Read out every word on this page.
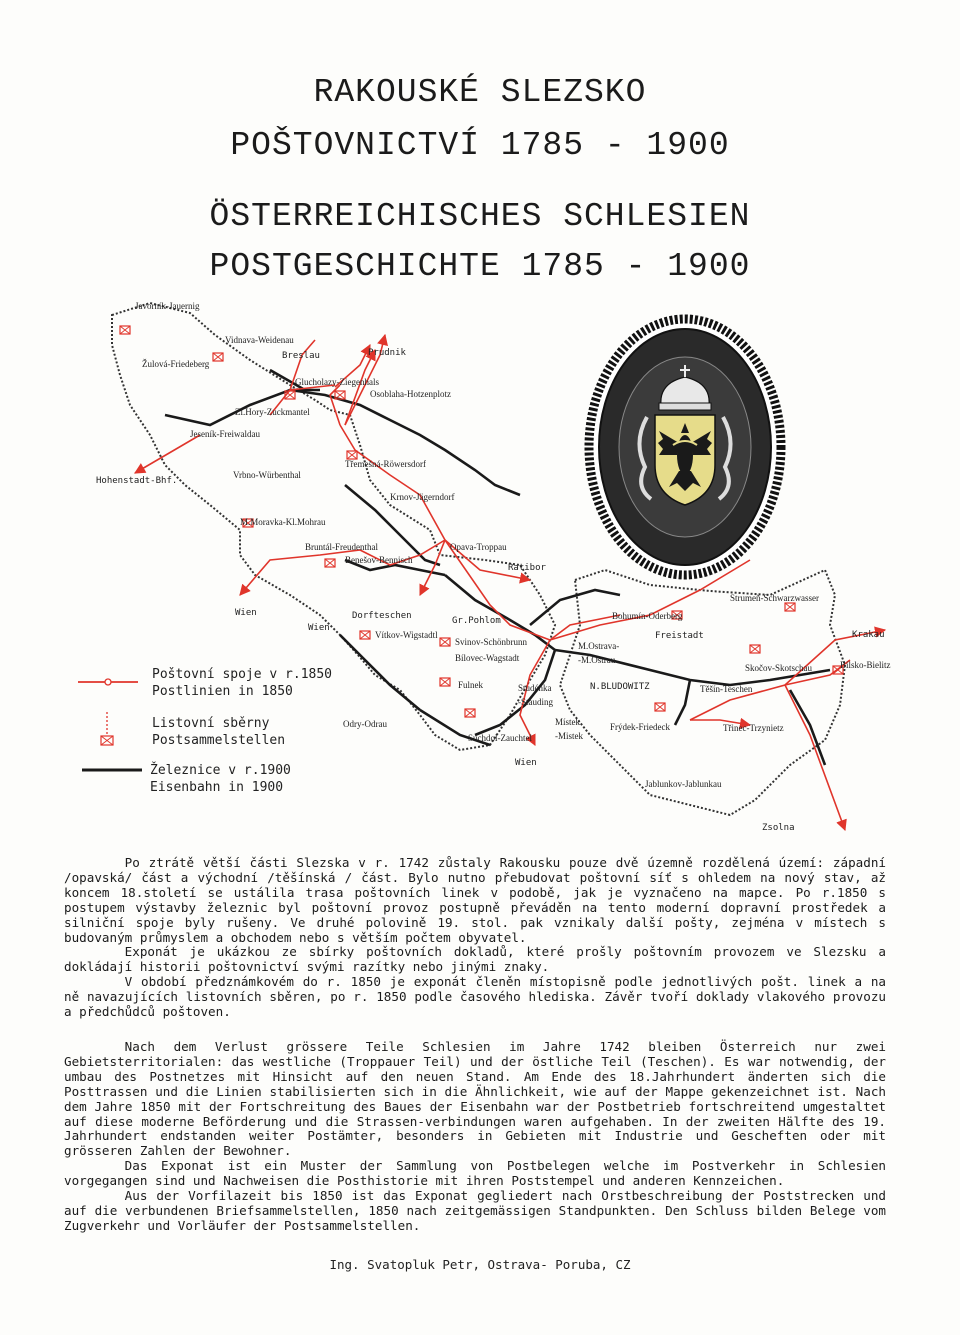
RAKOUSKÉ SLEZSKO
POŠTOVNICTVÍ 1785 - 1900
ÖSTERREICHISCHES SCHLESIEN
POSTGESCHICHTE 1785 - 1900
Javorník-Jauernig
Vidnava-Weidenau
Žulová-Friedeberg
Breslau	Prudnik
Glucholazy-Ziegenhals
Osoblaha-Hotzenplotz
Zl.Hory-Zuckmantel
Jeseník-Freiwaldau
Hohenstadt-Bhf.
Vrbno-Würbenthal
Třemešná-Röwersdorf
Krnov-Jägerndorf
M.Moravka-Kl.Mohrau
Bruntál-Freudenthal
Benešov-Bennisch
Opava-Troppau
Ratibor
Wien
Wien
Dorfteschen
Vítkov-Wigstadtl
Gr.Pohlom
Svinov-Schönbrunn
Bílovec-Wagstadt
Fulnek	Studénka
-Stauding
Odry-Odrau
Suchdol-Zauchtel
Wien
Bohumín-Oderberg
Strumeň-Schwarzwasser
Krakau
Bilsko-Bielitz
Freistadt
M.Ostrava-
-M.Ostrau
N.BLUDOWITZ
Skočov-Skotschau
Těšín-Teschen
Místek
-Mistek
Frýdek-Friedeck	Třinec-Trzynietz
Jablunkov-Jablunkau
Zsolna
Poštovní spoje v r.1850
Postlinien in 1850
Listovní sběrny
Postsammelstellen
Železnice v r.1900
Eisenbahn in 1900

Po ztrátě větší části Slezska v r. 1742 zůstaly Rakousku pouze dvě územně rozdělená území: západní /opavská/ část a východní /těšínská / část. Bylo nutno přebudovat poštovní síť s ohledem na nový stav, až koncem 18.století se ustálila trasa poštovních linek v podobě, jak je vyznačeno na mapce. Po r.1850 s postupem výstavby železnic byl poštovní provoz postupně převáděn na tento moderní dopravní prostředek a silniční spoje byly rušeny. Ve druhé polovině 19. stol. pak vznikaly další pošty, zejména v místech s budovaným průmyslem a obchodem nebo s větším počtem obyvatel.

Exponát je ukázkou ze sbírky poštovních dokladů, které prošly poštovním provozem ve Slezsku a dokládají historii poštovnictví svými razítky nebo jinými znaky.

V období předznámkovém do r. 1850 je exponát členěn místopisně podle jednotlivých pošt. linek a na ně navazujících listovních sběren, po r. 1850 podle časového hlediska. Závěr tvoří doklady vlakového provozu a předchůdců poštoven.

Nach dem Verlust grössere Teile Schlesien im Jahre 1742 bleiben Österreich nur zwei Gebietsterritorialen: das westliche (Troppauer Teil) und der östliche Teil (Teschen). Es war notwendig, der umbau des Postnetzes mit Hinsicht auf den neuen Stand. Am Ende des 18.Jahrhundert änderten sich die Posttrassen und die Linien stabilisierten sich in die Ähnlichkeit, wie auf der Mappe gekenzeichnet ist. Nach dem Jahre 1850 mit der Fortschreitung des Baues der Eisenbahn war der Postbetrieb fortschreitend umgestaltet auf diese moderne Beförderung und die Strassen-verbindungen waren aufgehaben. In der zweiten Hälfte des 19. Jahrhundert endstanden weiter Postämter, besonders in Gebieten mit Industrie und Gescheften oder mit grösseren Zahlen der Bewohner.

Das Exponat ist ein Muster der Sammlung von Postbelegen welche im Postverkehr in Schlesien vorgegangen sind und Nachweisen die Posthistorie mit ihren Poststempel und anderen Kennzeichen.

Aus der Vorfilazeit bis 1850 ist das Exponat gegliedert nach Orstbeschreibung der Poststrecken und auf die verbundenen Briefsammelstellen, 1850 nach zeitgemässigen Standpunkten. Den Schluss bilden Belege vom Zugverkehr und Vorläufer der Postsammelstellen.

Ing. Svatopluk Petr, Ostrava- Poruba, CZ
